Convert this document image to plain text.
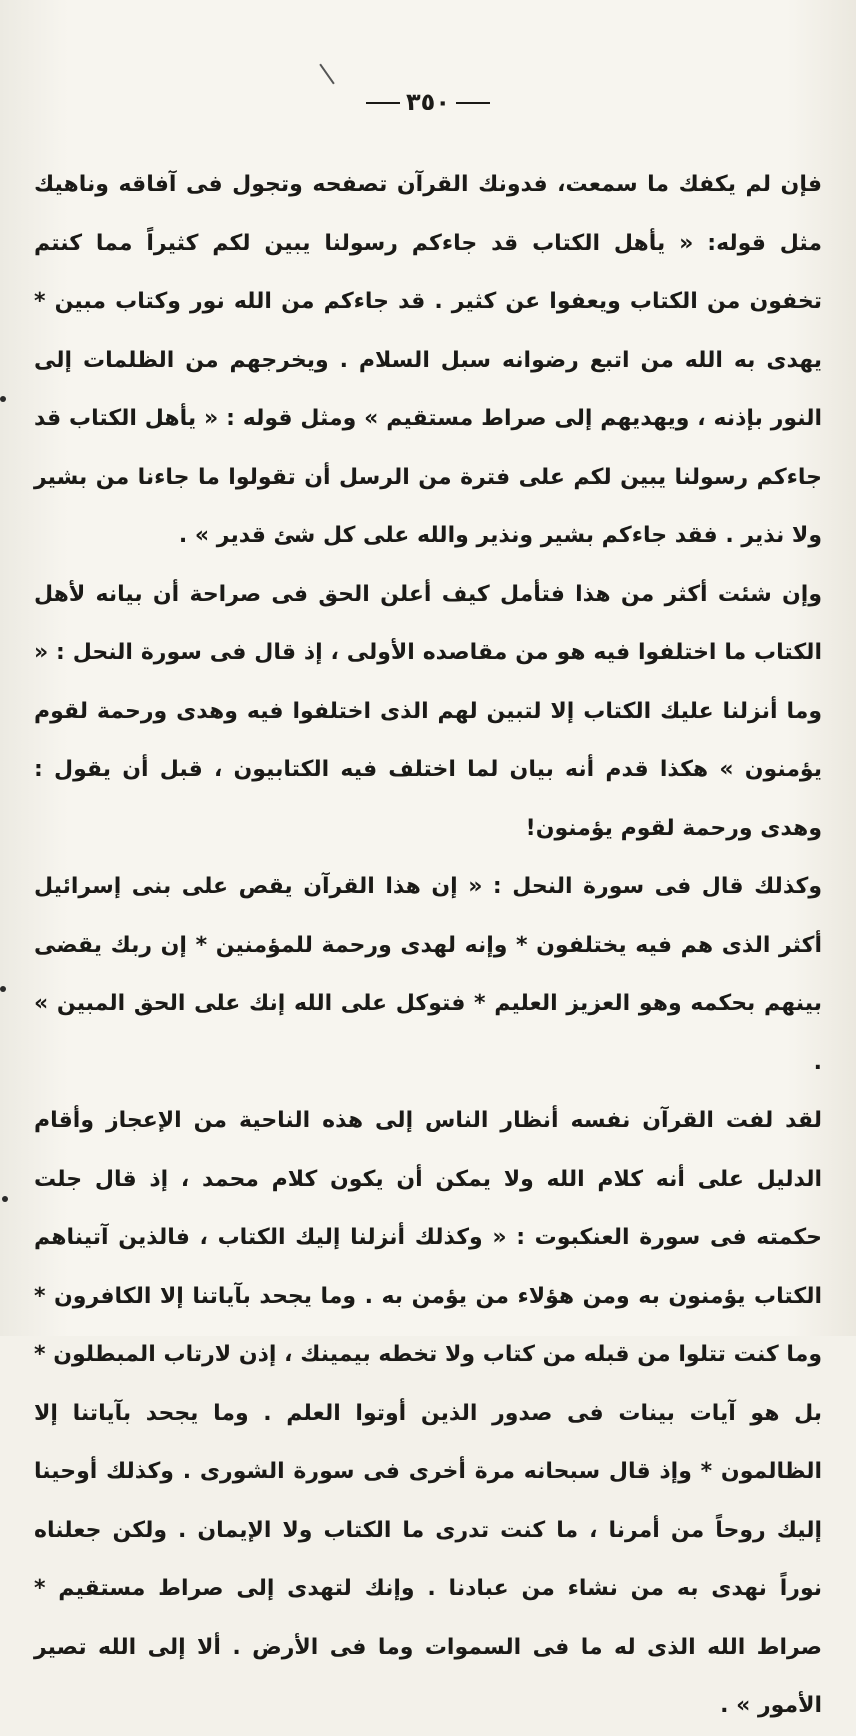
٣٥٠

فإن لم يكفك ما سمعت، فدونك القرآن تصفحه وتجول فى آفاقه وناهيك مثل قوله: « يأهل الكتاب قد جاءكم رسولنا يبين لكم كثيراً مما كنتم تخفون من الكتاب ويعفوا عن كثير . قد جاءكم من الله نور وكتاب مبين * يهدى به الله من اتبع رضوانه سبل السلام . ويخرجهم من الظلمات إلى النور بإذنه ، ويهديهم إلى صراط مستقيم » ومثل قوله : « يأهل الكتاب قد جاءكم رسولنا يبين لكم على فترة من الرسل أن تقولوا ما جاءنا من بشير ولا نذير . فقد جاءكم بشير ونذير والله على كل شئ قدير » .

وإن شئت أكثر من هذا فتأمل كيف أعلن الحق فى صراحة أن بيانه لأهل الكتاب ما اختلفوا فيه هو من مقاصده الأولى ، إذ قال فى سورة النحل : « وما أنزلنا عليك الكتاب إلا لتبين لهم الذى اختلفوا فيه وهدى ورحمة لقوم يؤمنون » هكذا قدم أنه بيان لما اختلف فيه الكتابيون ، قبل أن يقول : وهدى ورحمة لقوم يؤمنون!

وكذلك قال فى سورة النحل : « إن هذا القرآن يقص على بنى إسرائيل أكثر الذى هم فيه يختلفون * وإنه لهدى ورحمة للمؤمنين * إن ربك يقضى بينهم بحكمه وهو العزيز العليم * فتوكل على الله إنك على الحق المبين » .

لقد لفت القرآن نفسه أنظار الناس إلى هذه الناحية من الإعجاز وأقام الدليل على أنه كلام الله ولا يمكن أن يكون كلام محمد ، إذ قال جلت حكمته فى سورة العنكبوت : « وكذلك أنزلنا إليك الكتاب ، فالذين آتيناهم الكتاب يؤمنون به ومن هؤلاء من يؤمن به . وما يجحد بآياتنا إلا الكافرون * وما كنت تتلوا من قبله من كتاب ولا تخطه بيمينك ، إذن لارتاب المبطلون * بل هو آيات بينات فى صدور الذين أوتوا العلم . وما يجحد بآياتنا إلا الظالمون * وإذ قال سبحانه مرة أخرى فى سورة الشورى . وكذلك أوحينا إليك روحاً من أمرنا ، ما كنت تدرى ما الكتاب ولا الإيمان . ولكن جعلناه نوراً نهدى به من نشاء من عبادنا . وإنك لتهدى إلى صراط مستقيم * صراط الله الذى له ما فى السموات وما فى الأرض . ألا إلى الله تصير الأمور » .
